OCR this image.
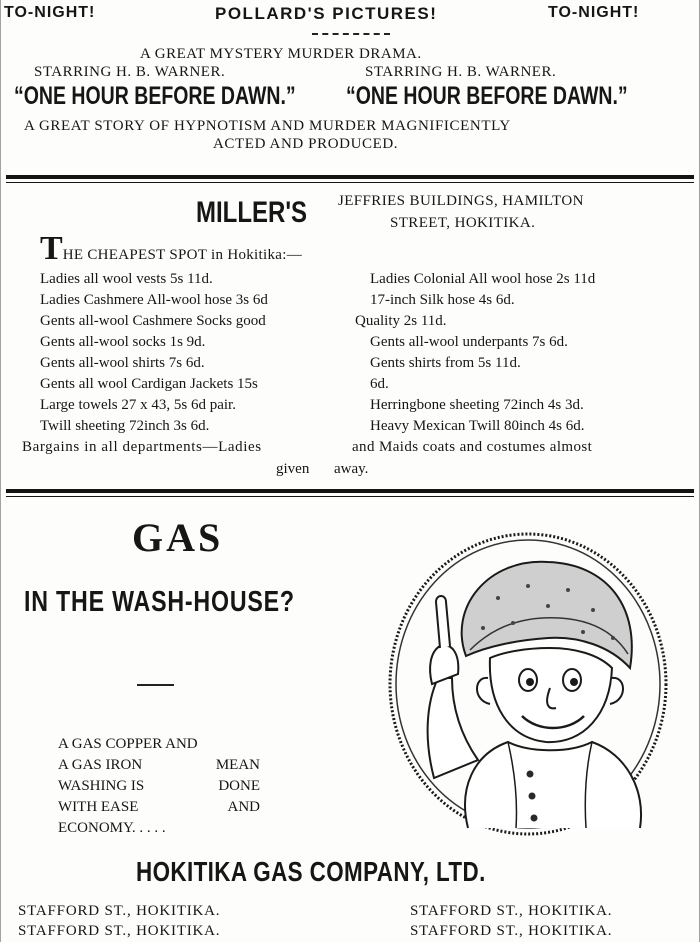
TO-NIGHT!	POLLARD'S PICTURES!	TO-NIGHT!
A GREAT MYSTERY MURDER DRAMA.
STARRING H. B. WARNER.	STARRING H. B. WARNER.
“ONE HOUR BEFORE DAWN.” “ONE HOUR BEFORE DAWN.”
A GREAT STORY OF HYPNOTISM AND MURDER MAGNIFICENTLY
ACTED AND PRODUCED.
MILLER'S JEFFRIES BUILDINGS, HAMILTON
STREET, HOKITIKA.
THE CHEAPEST SPOT in Hokitika:—
Ladies all wool vests 5s 11d.
Ladies Cashmere All-wool hose 3s 6d
Gents all-wool Cashmere Socks good
Gents all-wool socks 1s 9d.
Gents all-wool shirts 7s 6d.
Gents all wool Cardigan Jackets 15s
Large towels 27 x 43, 5s 6d pair.
Twill sheeting 72inch 3s 6d.
Ladies Colonial All wool hose 2s 11d
17-inch Silk hose 4s 6d.
Quality 2s 11d.
Gents all-wool underpants 7s 6d.
Gents shirts from 5s 11d.
6d.
Herringbone sheeting 72inch 4s 3d.
Heavy Mexican Twill 80inch 4s 6d.
Bargains in all departments—Ladies	and Maids coats and costumes almost
given away.
GAS
IN THE WASH-HOUSE?
A GAS COPPER AND
A GAS IRON	MEAN
WASHING IS	DONE
WITH EASE	AND
ECONOMY. . . . .
HOKITIKA GAS COMPANY, LTD.
STAFFORD ST., HOKITIKA.
STAFFORD ST., HOKITIKA.
STAFFORD ST., HOKITIKA.
STAFFORD ST., HOKITIKA.
